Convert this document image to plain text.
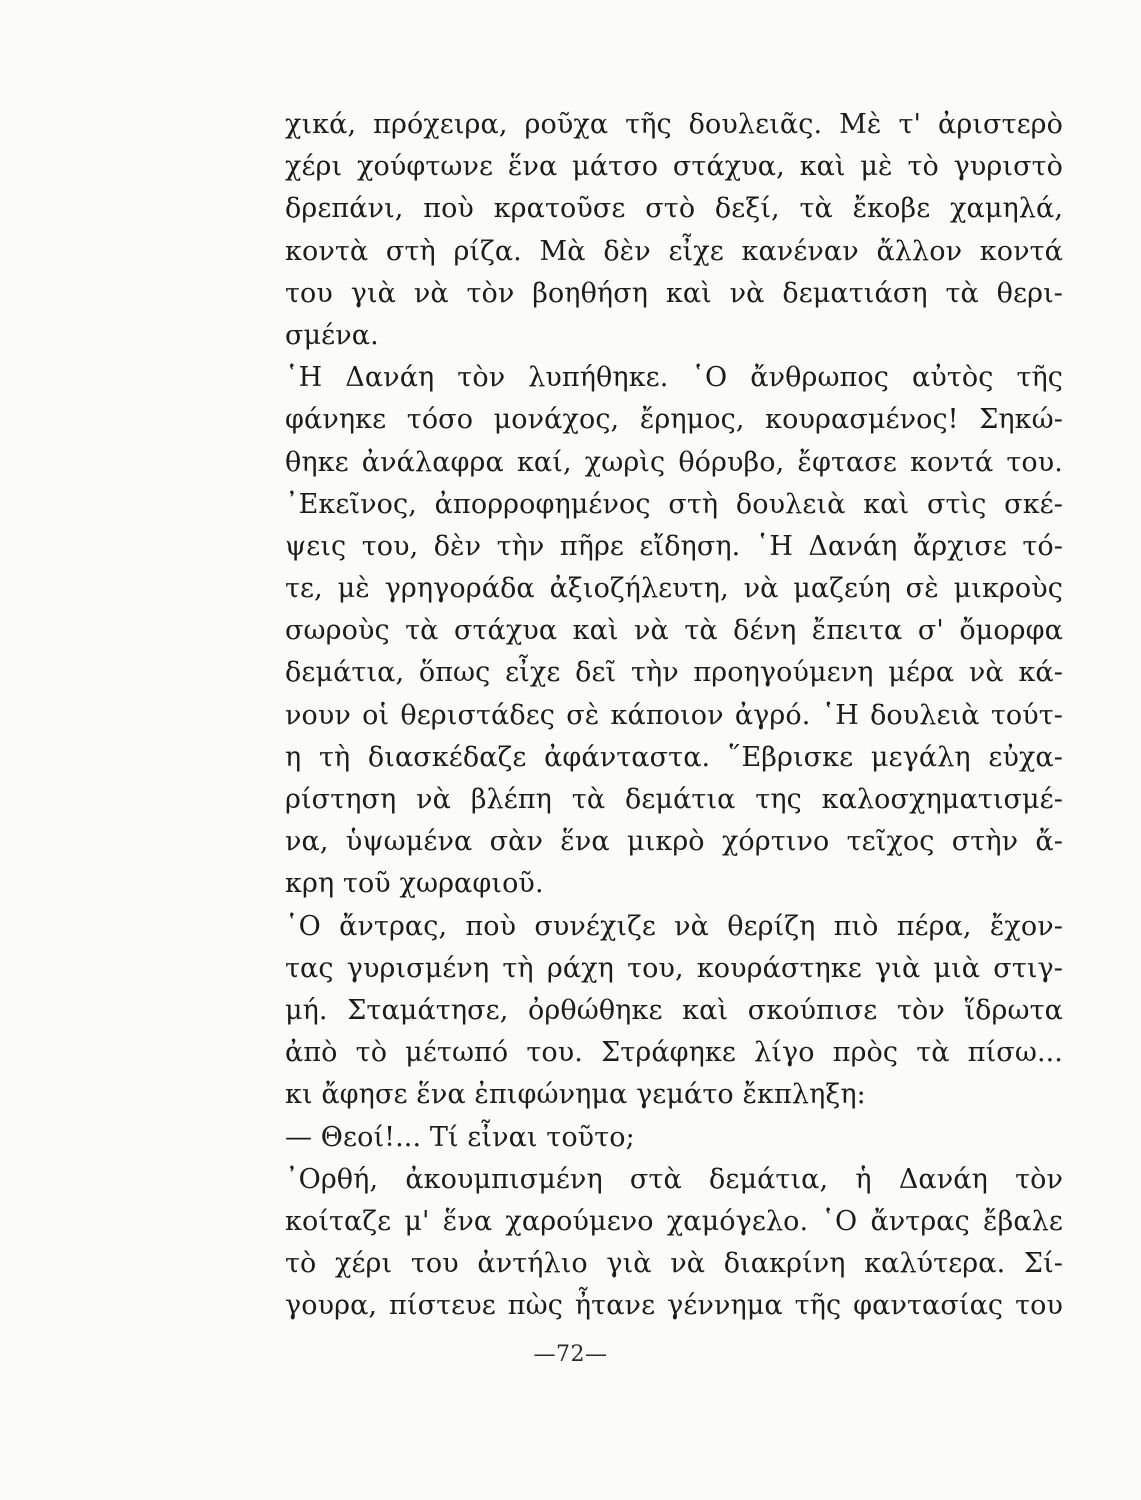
χικά, πρόχειρα, ροῦχα τῆς δουλειᾶς. Μὲ τ' ἀριστερὸ
χέρι χούφτωνε ἕνα μάτσο στάχυα, καὶ μὲ τὸ γυριστὸ
δρεπάνι, ποὺ κρατοῦσε στὸ δεξί, τὰ ἔκοβε χαμηλά,
κοντὰ στὴ ρίζα. Μὰ δὲν εἶχε κανέναν ἄλλον κοντά
του γιὰ νὰ τὸν βοηθήση καὶ νὰ δεματιάση τὰ θερι-
σμένα.
῾Η Δανάη τὸν λυπήθηκε. ῾Ο ἄνθρωπος αὐτὸς τῆς
φάνηκε τόσο μονάχος, ἔρημος, κουρασμένος! Σηκώ-
θηκε ἀνάλαφρα καί, χωρὶς θόρυβο, ἔφτασε κοντά του.
᾿Εκεῖνος, ἀπορροφημένος στὴ δουλειὰ καὶ στὶς σκέ-
ψεις του, δὲν τὴν πῆρε εἴδηση. ῾Η Δανάη ἄρχισε τό-
τε, μὲ γρηγοράδα ἀξιοζήλευτη, νὰ μαζεύη σὲ μικροὺς
σωροὺς τὰ στάχυα καὶ νὰ τὰ δένη ἔπειτα σ' ὄμορφα
δεμάτια, ὅπως εἶχε δεῖ τὴν προηγούμενη μέρα νὰ κά-
νουν οἱ θεριστάδες σὲ κάποιον ἀγρό. ῾Η δουλειὰ τούτ-
η τὴ διασκέδαζε ἀφάνταστα. ῞Εβρισκε μεγάλη εὐχα-
ρίστηση νὰ βλέπη τὰ δεμάτια της καλοσχηματισμέ-
να, ὑψωμένα σὰν ἕνα μικρὸ χόρτινο τεῖχος στὴν ἄ-
κρη τοῦ χωραφιοῦ.
῾Ο ἄντρας, ποὺ συνέχιζε νὰ θερίζη πιὸ πέρα, ἔχον-
τας γυρισμένη τὴ ράχη του, κουράστηκε γιὰ μιὰ στιγ-
μή. Σταμάτησε, ὀρθώθηκε καὶ σκούπισε τὸν ἵδρωτα
ἀπὸ τὸ μέτωπό του. Στράφηκε λίγο πρὸς τὰ πίσω...
κι ἄφησε ἕνα ἐπιφώνημα γεμάτο ἔκπληξη:
— Θεοί!... Τί εἶναι τοῦτο;
᾿Ορθή, ἀκουμπισμένη στὰ δεμάτια, ἡ Δανάη τὸν
κοίταζε μ' ἕνα χαρούμενο χαμόγελο. ῾Ο ἄντρας ἔβαλε
τὸ χέρι του ἀντήλιο γιὰ νὰ διακρίνη καλύτερα. Σί-
γουρα, πίστευε πὼς ἦτανε γέννημα τῆς φαντασίας του
—72—
